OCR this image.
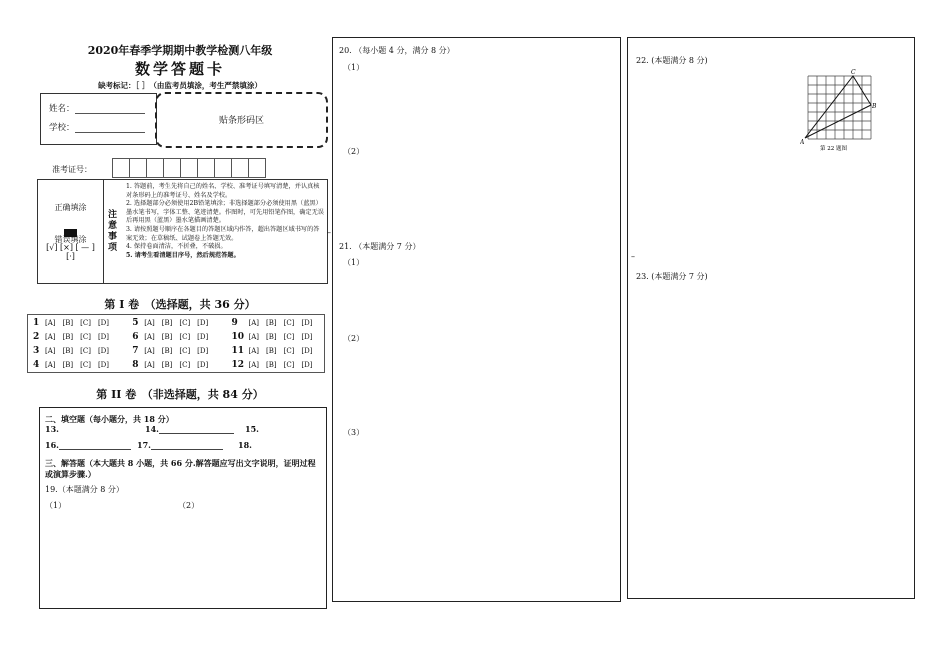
2020年春季学期期中教学检测八年级
数学答题卡
缺考标记：［ ］　（由监考员填涂，考生严禁填涂）
姓名：
学校：
贴条形码区
准考证号：
正确填涂
错误填涂
[√] [×] [ — ]
[·]
注意事项

1. 答题前，考生先将自己的姓名、学校、准考证号填写清楚，并认真核对条形码上的准考证号、姓名及学校。

2. 选择题部分必须使用2B铅笔填涂；非选择题部分必须使用黑（蓝黑）墨水笔书写，字体工整、笔迹清楚。作图时，可先用铅笔作图，确定无误后再用黑（蓝黑）墨水笔描画清楚。

3. 请按照题号顺序在各题目的答题区域内作答，超出答题区域书写的答案无效；在草稿纸、试题卷上答题无效。

4. 保持卷面清洁，不折叠，不破损。

5. 请考生看清题目序号，然后规范答题。

第 I 卷　（选择题，共 36 分）
1 [A]　[B]　[C]　[D]	5 [A]　[B]　[C]　[D]	9 [A]　[B]　[C]　[D]
2 [A]　[B]　[C]　[D]	6 [A]　[B]　[C]　[D]	10 [A]　[B]　[C]　[D]
3 [A]　[B]　[C]　[D]	7 [A]　[B]　[C]　[D]	11 [A]　[B]　[C]　[D]
4 [A]　[B]　[C]　[D]	8 [A]　[B]　[C]　[D]	12 [A]　[B]　[C]　[D]
第 II 卷　（非选择题，共 84 分）
二、填空题（每小题分，共 18 分）
13.	14.	15.
16.	17.	18.
三、解答题（本大题共 8 小题，共 66 分.解答题应写出文字说明，证明过程或演算步骤.）
19.（本题满分 8 分）
（1）	（2）
20. （每小题 4 分，满分 8 分）
（1）
（2）
21. （本题满分 7 分）
（1）
（2）
（3）
22. (本题满分 8 分)
A
B
C
第 22 题图
23. (本题满分 7 分)
–
–
